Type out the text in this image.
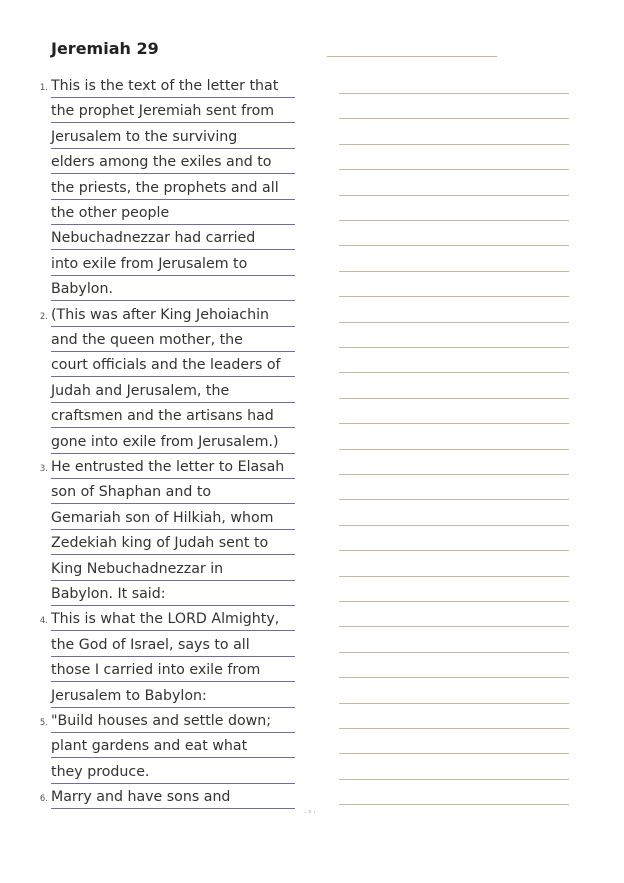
Jeremiah 29
1. This is the text of the letter that
the prophet Jeremiah sent from
Jerusalem to the surviving
elders among the exiles and to
the priests, the prophets and all
the other people
Nebuchadnezzar had carried
into exile from Jerusalem to
Babylon.
2. (This was after King Jehoiachin
and the queen mother, the
court officials and the leaders of
Judah and Jerusalem, the
craftsmen and the artisans had
gone into exile from Jerusalem.)
3. He entrusted the letter to Elasah
son of Shaphan and to
Gemariah son of Hilkiah, whom
Zedekiah king of Judah sent to
King Nebuchadnezzar in
Babylon. It said:
4. This is what the LORD Almighty,
the God of Israel, says to all
those I carried into exile from
Jerusalem to Babylon:
5. "Build houses and settle down;
plant gardens and eat what
they produce.
6. Marry and have sons and
· ¹ ·
